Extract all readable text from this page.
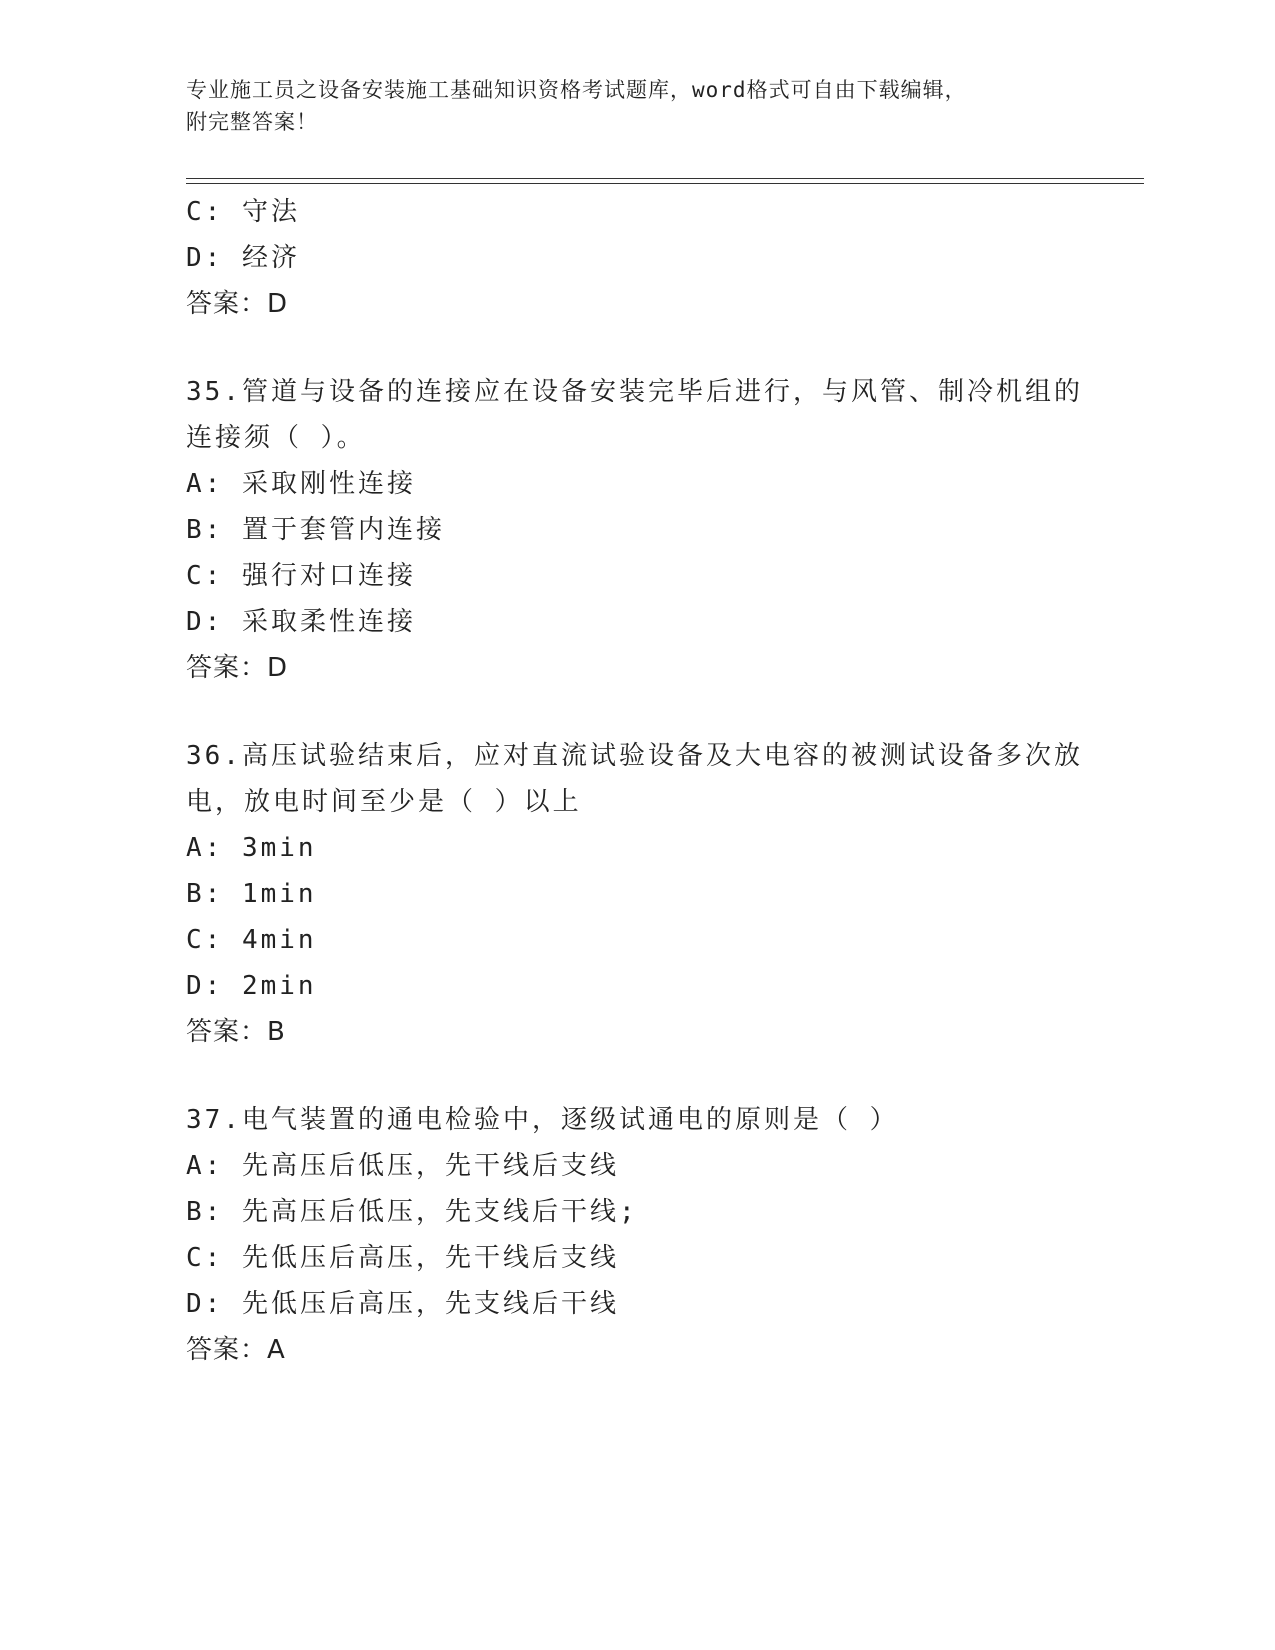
专业施工员之设备安装施工基础知识资格考试题库，word格式可自由下载编辑，
附完整答案！
C: 守法
D: 经济
答案：D
35.管道与设备的连接应在设备安装完毕后进行，与风管、制冷机组的
连接须（ ）。
A: 采取刚性连接
B: 置于套管内连接
C: 强行对口连接
D: 采取柔性连接
答案：D
36.高压试验结束后，应对直流试验设备及大电容的被测试设备多次放
电，放电时间至少是（ ）以上
A: 3min
B: 1min
C: 4min
D: 2min
答案：B
37.电气装置的通电检验中，逐级试通电的原则是（ ）
A: 先高压后低压，先干线后支线
B: 先高压后低压，先支线后干线;
C: 先低压后高压，先干线后支线
D: 先低压后高压，先支线后干线
答案：A
